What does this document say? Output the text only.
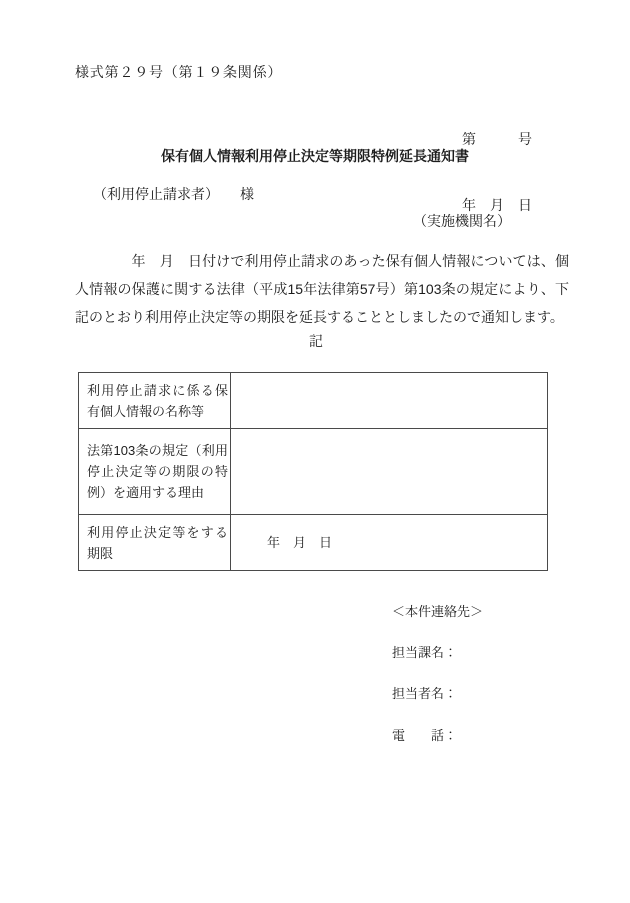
様式第２９号（第１９条関係）

第　　　号

年　月　日

保有個人情報利用停止決定等期限特例延長通知書
（利用停止請求者）　　様
（実施機関名）

　　　　年　月　日付けで利用停止請求のあった保有個人情報については、個人情報の保護に関する法律（平成15年法律第57号）第103条の規定により、下記のとおり利用停止決定等の期限を延長することとしましたので通知します。

記
利用停止請求に係る保有個人情報の名称等	
法第103条の規定（利用停止決定等の期限の特例）を適用する理由	
利用停止決定等をする期限	年　月　日

＜本件連絡先＞

担当課名：

担当者名：

電　　話：
